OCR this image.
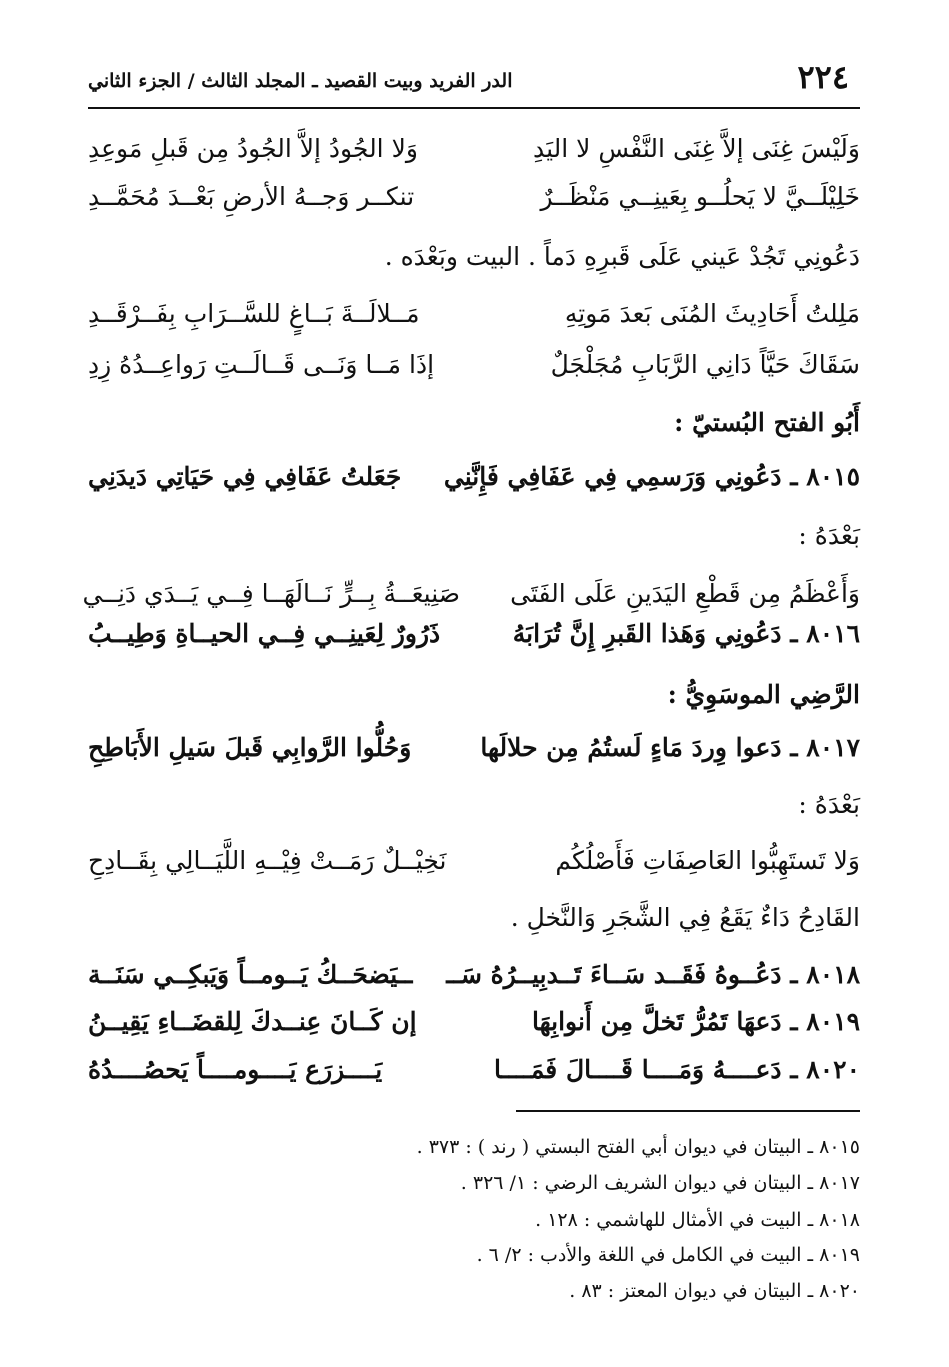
٢٢٤
الدر الفريد وبيت القصيد ـ المجلد الثالث / الجزء الثاني
وَلَيْسَ غِنَى إلاَّ غِنَى النَّفْسِ لا اليَدِ
وَلا الجُودُ إلاَّ الجُودُ مِن قَبلِ مَوعِدِ
خَلِيْلَــيَّ لا يَحلُــو بِعَينِــي مَنْظَــرٌ
تنكــر وَجــهُ الأرضِ بَعْــدَ مُحَمَّــدِ
دَعُونِي تَجُدْ عَيني عَلَى قَبرِهِ دَماً . البيت وبَعْدَه .
مَلِلتُ أَحَادِيثَ المُنَى بَعدَ مَوتِهِ
مَــلالَــةَ بَــاغٍ للسَّــرَابِ بِفَــرْقَــدِ
سَقَاكَ حَيَّاً دَانِي الرَّبَابِ مُجَلْجَلٌ
إذَا مَــا وَنَــى قَــالَــتِ رَواعِــدُهُ زِدِ
أَبُو الفتح البُستيّ :
٨٠١٥ ـ دَعُونِي وَرَسمِي فِي عَفَافِي فَإِنَّنِي
جَعَلتُ عَفَافِي فِي حَيَاتِي دَيدَنِي
بَعْدَهُ :
وَأَعْظَمُ مِن قَطْعِ اليَدَينِ عَلَى الفَتَى
صَنِيعَــةُ بِــرٍّ نَــالَهَــا فِــي يَــدَي دَنِــي
٨٠١٦ ـ دَعُونِي وَهَذا القَبرِ إِنَّ تُرَابَهُ
ذَرُورٌ لِعَينِــي فِــي الحيــاةِ وَطِيــبُ
الرَّضِي الموسَوِيُّ :
٨٠١٧ ـ دَعوا وِردَ مَاءٍ لَستُمُ مِن حلالَها
وَحُلُّوا الرَّوابِي قَبلَ سَيلِ الأَبَاطِحِ
بَعْدَهُ :
وَلا تَستَهِبُّوا العَاصِفَاتِ فَأَصْلُكُم
نَخِيْــلٌ رَمَــتْ فِيْــهِ اللَّيَــالِي بِقَــادِحِ
القَادِحُ دَاءٌ يَقَعُ فِي الشَّجَرِ وَالنَّخلِ .
٨٠١٨ ـ دَعُــوهُ فَقَــد سَــاءَ تَــدبِيــرُهُ سَــ
ــيَضحَــكُ يَــومــاً وَيَبكِــي سَنَــة
٨٠١٩ ـ دَعهَا تَمُرُّ تَخلَّ مِن أَنوابِهَا
إن كَــانَ عِنــدكَ لِلقضَــاءِ يَقِيــنُ
٨٠٢٠ ـ دَعــــهُ وَمَــــا قَــــالَ فَمَــــا
يَــــزرَع يَــــومــــاً يَحصُــــدُهُ
٨٠١٥ ـ البيتان في ديوان أبي الفتح البستي ( رند ) : ٣٧٣ .
٨٠١٧ ـ البيتان في ديوان الشريف الرضي : ١/ ٣٢٦ .
٨٠١٨ ـ البيت في الأمثال للهاشمي : ١٢٨ .
٨٠١٩ ـ البيت في الكامل في اللغة والأدب : ٢/ ٦ .
٨٠٢٠ ـ البيتان في ديوان المعتز : ٨٣ .
